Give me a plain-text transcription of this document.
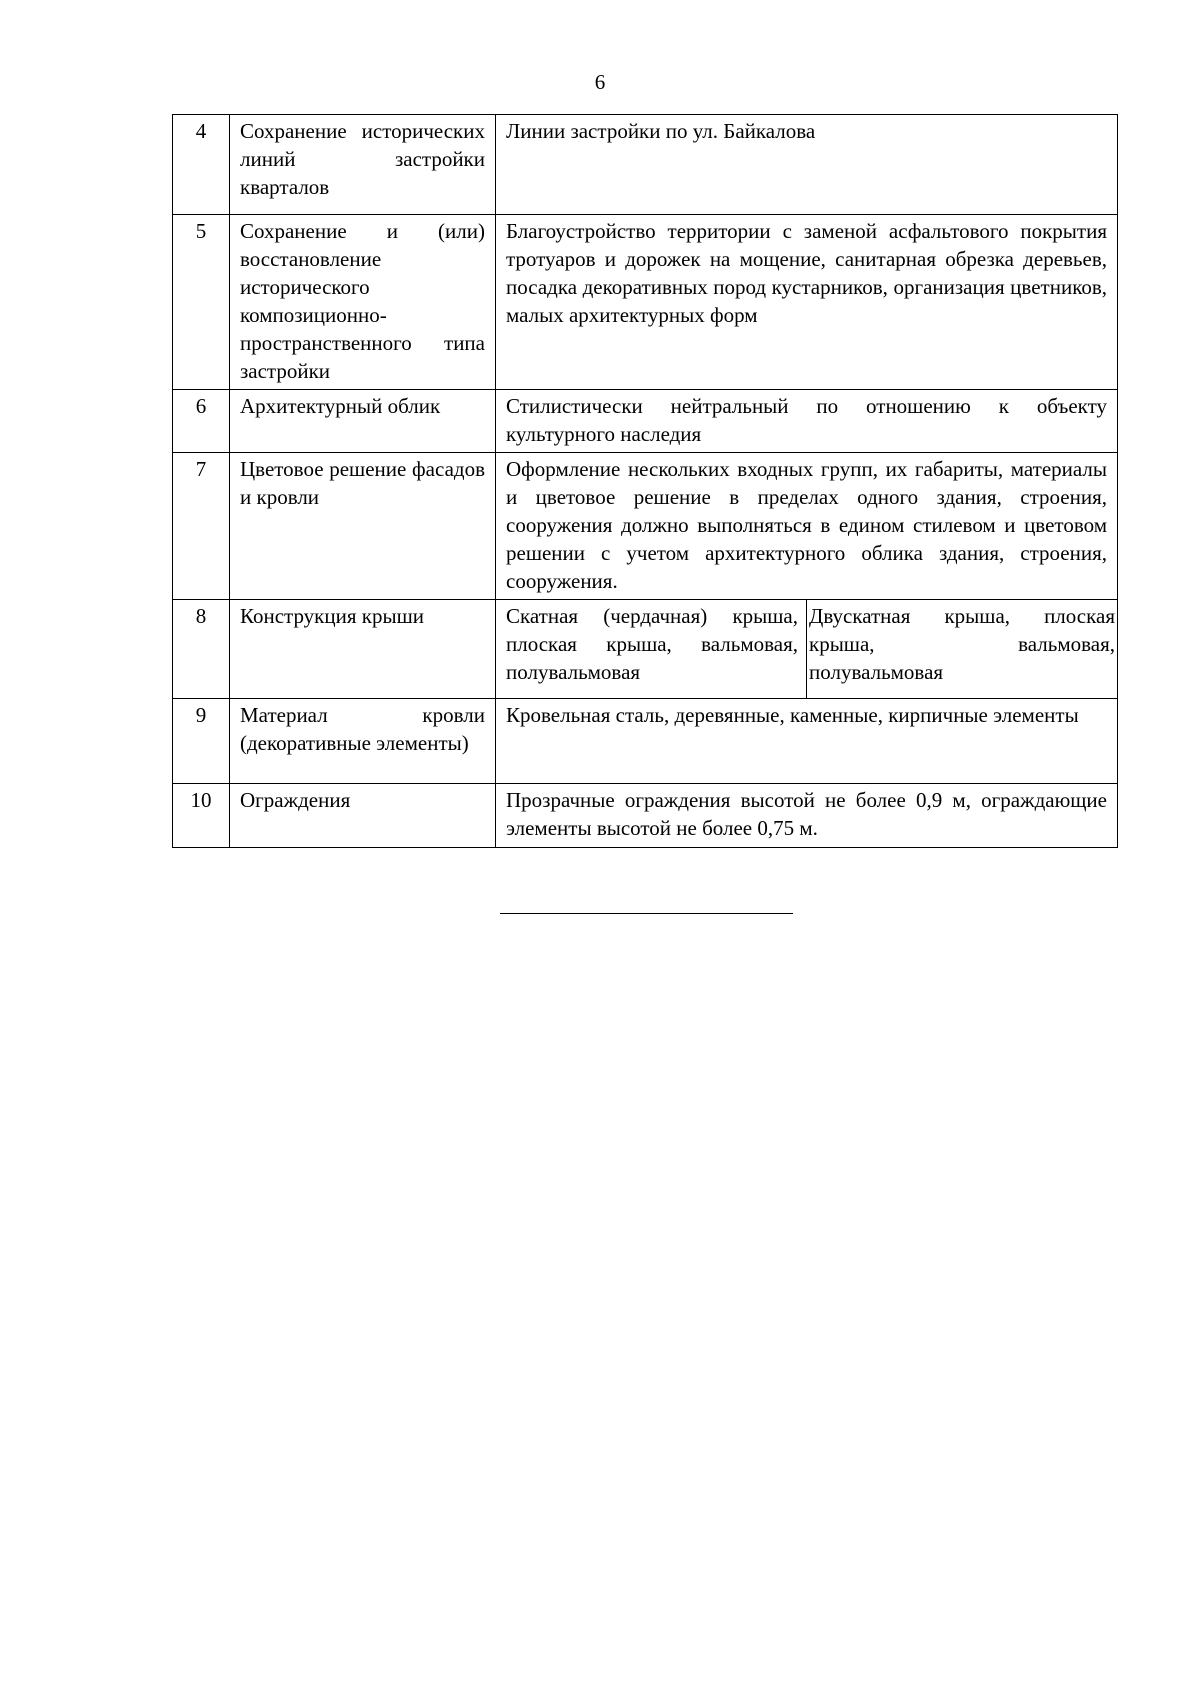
6
4	Сохранение исторических линий застройки кварталов	Линии застройки по ул. Байкалова	
5	Сохранение и (или) восстановление исторического композиционно-пространственного типа застройки	Благоустройство территории с заменой асфальтового покрытия тротуаров и дорожек на мощение, санитарная обрезка деревьев, посадка декоративных пород кустарников, организация цветников, малых архитектурных форм	
6	Архитектурный облик	Стилистически нейтральный по отношению к объекту культурного наследия	
7	Цветовое решение фасадов и кровли	Оформление нескольких входных групп, их габариты, материалы и цветовое решение в пределах одного здания, строения, сооружения должно выполняться в едином стилевом и цветовом решении с учетом архитектурного облика здания, строения, сооружения.	
8	Конструкция крыши	Скатная (чердачная) крыша, плоская крыша, вальмовая, полувальмовая	Двускатная крыша, плоская крыша, вальмовая, полувальмовая
9	Материал кровли (декоративные элементы)	Кровельная сталь, деревянные, каменные, кирпичные элементы	
10	Ограждения	Прозрачные ограждения высотой не более 0,9 м, ограждающие элементы высотой не более 0,75 м.	
